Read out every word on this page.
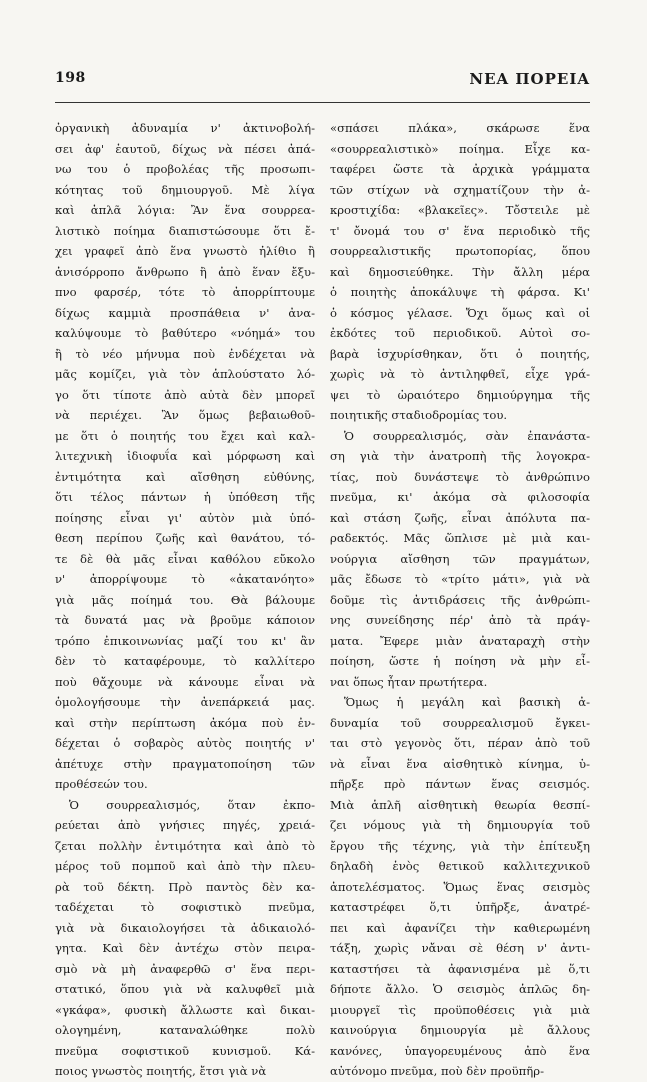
198	ΝΕΑ ΠΟΡΕΙΑ
ὀργανικὴ ἀδυναμία ν' ἀκτινοβολή-
σει ἀφ' ἑαυτοῦ, δίχως νὰ πέσει ἀπά-
νω του ὁ προβολέας τῆς προσωπι-
κότητας τοῦ δημιουργοῦ. Μὲ λίγα
καὶ ἁπλᾶ λόγια: Ἂν ἕνα σουρρεα-
λιστικὸ ποίημα διαπιστώσουμε ὅτι ἔ-
χει γραφεῖ ἀπὸ ἕνα γνωστὸ ἠλίθιο ἢ
ἀνισόρροπο ἄνθρωπο ἢ ἀπὸ ἕναν ἔξυ-
πνο φαρσέρ, τότε τὸ ἀπορρίπτουμε
δίχως καμμιὰ προσπάθεια ν' ἀνα-
καλύψουμε τὸ βαθύτερο «νόημά» του
ἢ τὸ νέο μήνυμα ποὺ ἐνδέχεται νὰ
μᾶς κομίζει, γιὰ τὸν ἁπλούστατο λό-
γο ὅτι τίποτε ἀπὸ αὐτὰ δὲν μπορεῖ
νὰ περιέχει. Ἂν ὅμως βεβαιωθοῦ-
με ὅτι ὁ ποιητής του ἔχει καὶ καλ-
λιτεχνικὴ ἰδιοφυΐα καὶ μόρφωση καὶ
ἐντιμότητα καὶ αἴσθηση εὐθύνης,
ὅτι τέλος πάντων ἡ ὑπόθεση τῆς
ποίησης εἶναι γι' αὐτὸν μιὰ ὑπό-
θεση περίπου ζωῆς καὶ θανάτου, τό-
τε δὲ θὰ μᾶς εἶναι καθόλου εὔκολο
ν' ἀπορρίψουμε τὸ «ἀκατανόητο»
γιὰ μᾶς ποίημά του. Θὰ βάλουμε
τὰ δυνατά μας νὰ βροῦμε κάποιον
τρόπο ἐπικοινωνίας μαζί του κι' ἂν
δὲν τὸ καταφέρουμε, τὸ καλλίτερο
ποὺ θἄχουμε νὰ κάνουμε εἶναι νὰ
ὁμολογήσουμε τὴν ἀνεπάρκειά μας.
καὶ στὴν περίπτωση ἀκόμα ποὺ ἐν-
δέχεται ὁ σοβαρὸς αὐτὸς ποιητής ν'
ἀπέτυχε στὴν πραγματοποίηση τῶν
προθέσεών του.
Ὁ σουρρεαλισμός, ὅταν ἐκπο-
ρεύεται ἀπὸ γνήσιες πηγές, χρειά-
ζεται πολλὴν ἐντιμότητα καὶ ἀπὸ τὸ
μέρος τοῦ πομποῦ καὶ ἀπὸ τὴν πλευ-
ρὰ τοῦ δέκτη. Πρὸ παντὸς δὲν κα-
ταδέχεται τὸ σοφιστικὸ πνεῦμα,
γιὰ νὰ δικαιολογήσει τὰ ἀδικαιολό-
γητα. Καὶ δὲν ἀντέχω στὸν πειρα-
σμὸ νὰ μὴ ἀναφερθῶ σ' ἕνα περι-
στατικό, ὅπου γιὰ νὰ καλυφθεῖ μιὰ
«γκάφα», φυσικὴ ἄλλωστε καὶ δικαι-
ολογημένη, καταναλώθηκε πολὺ
πνεῦμα σοφιστικοῦ κυνισμοῦ. Κά-
ποιος γνωστὸς ποιητής, ἔτσι γιὰ νὰ
«σπάσει πλάκα», σκάρωσε ἕνα
«σουρρεαλιστικὸ» ποίημα. Εἶχε κα-
ταφέρει ὥστε τὰ ἀρχικὰ γράμματα
τῶν στίχων νὰ σχηματίζουν τὴν ἀ-
κροστιχίδα: «βλακεῖες». Τὄστειλε μὲ
τ' ὄνομά του σ' ἕνα περιοδικὸ τῆς
σουρρεαλιστικῆς πρωτοπορίας, ὅπου
καὶ δημοσιεύθηκε. Τὴν ἄλλη μέρα
ὁ ποιητὴς ἀποκάλυψε τὴ φάρσα. Κι'
ὁ κόσμος γέλασε. Ὄχι ὅμως καὶ οἱ
ἐκδότες τοῦ περιοδικοῦ. Αὐτοὶ σο-
βαρὰ ἰσχυρίσθηκαν, ὅτι ὁ ποιητής,
χωρὶς νὰ τὸ ἀντιληφθεῖ, εἶχε γρά-
ψει τὸ ὡραιότερο δημιούργημα τῆς
ποιητικῆς σταδιοδρομίας του.
Ὁ σουρρεαλισμός, σὰν ἐπανάστα-
ση γιὰ τὴν ἀνατροπὴ τῆς λογοκρα-
τίας, ποὺ δυνάστεψε τὸ ἀνθρώπινο
πνεῦμα, κι' ἀκόμα σὰ φιλοσοφία
καὶ στάση ζωῆς, εἶναι ἀπόλυτα πα-
ραδεκτός. Μᾶς ὥπλισε μὲ μιὰ και-
νούργια αἴσθηση τῶν πραγμάτων,
μᾶς ἔδωσε τὸ «τρίτο μάτι», γιὰ νὰ
δοῦμε τὶς ἀντιδράσεις τῆς ἀνθρώπι-
νης συνείδησης πέρ' ἀπὸ τὰ πράγ-
ματα. Ἔφερε μιὰν ἀναταραχὴ στὴν
ποίηση, ὥστε ἡ ποίηση νὰ μὴν εἶ-
ναι ὅπως ἦταν πρωτήτερα.
Ὅμως ἡ μεγάλη καὶ βασικὴ ἀ-
δυναμία τοῦ σουρρεαλισμοῦ ἔγκει-
ται στὸ γεγονὸς ὅτι, πέραν ἀπὸ τοῦ
νὰ εἶναι ἕνα αἰσθητικὸ κίνημα, ὑ-
πῆρξε πρὸ πάντων ἕνας σεισμός.
Μιὰ ἁπλῆ αἰσθητικὴ θεωρία θεσπί-
ζει νόμους γιὰ τὴ δημιουργία τοῦ
ἔργου τῆς τέχνης, γιὰ τὴν ἐπίτευξη
δηλαδὴ ἑνὸς θετικοῦ καλλιτεχνικοῦ
ἀποτελέσματος. Ὅμως ἕνας σεισμὸς
καταστρέφει ὅ,τι ὑπῆρξε, ἀνατρέ-
πει καὶ ἀφανίζει τὴν καθιερωμένη
τάξη, χωρὶς νἄναι σὲ θέση ν' ἀντι-
καταστήσει τὰ ἀφανισμένα μὲ ὅ,τι
δήποτε ἄλλο. Ὁ σεισμὸς ἁπλῶς δη-
μιουργεῖ τὶς προϋποθέσεις γιὰ μιὰ
καινούργια δημιουργία μὲ ἄλλους
κανόνες, ὑπαγορευμένους ἀπὸ ἕνα
αὐτόνομο πνεῦμα, ποὺ δὲν προϋπῆρ-
